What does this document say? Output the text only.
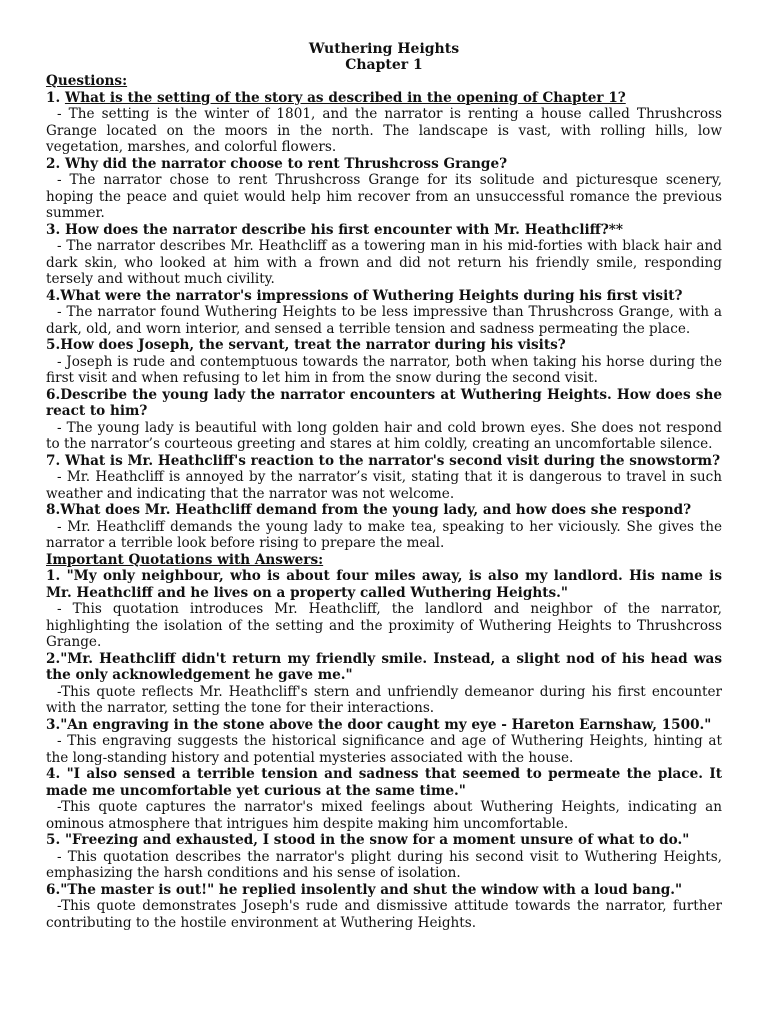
Wuthering Heights
Chapter 1
Questions:
1. What is the setting of the story as described in the opening of Chapter 1?
- The setting is the winter of 1801, and the narrator is renting a house called Thrushcross Grange located on the moors in the north. The landscape is vast, with rolling hills, low vegetation, marshes, and colorful flowers.
2. Why did the narrator choose to rent Thrushcross Grange?
- The narrator chose to rent Thrushcross Grange for its solitude and picturesque scenery, hoping the peace and quiet would help him recover from an unsuccessful romance the previous summer.
3. How does the narrator describe his first encounter with Mr. Heathcliff?**
- The narrator describes Mr. Heathcliff as a towering man in his mid-forties with black hair and dark skin, who looked at him with a frown and did not return his friendly smile, responding tersely and without much civility.
4.What were the narrator's impressions of Wuthering Heights during his first visit?
- The narrator found Wuthering Heights to be less impressive than Thrushcross Grange, with a dark, old, and worn interior, and sensed a terrible tension and sadness permeating the place.
5.How does Joseph, the servant, treat the narrator during his visits?
- Joseph is rude and contemptuous towards the narrator, both when taking his horse during the first visit and when refusing to let him in from the snow during the second visit.
6.Describe the young lady the narrator encounters at Wuthering Heights. How does she react to him?
- The young lady is beautiful with long golden hair and cold brown eyes. She does not respond to the narrator’s courteous greeting and stares at him coldly, creating an uncomfortable silence.
7. What is Mr. Heathcliff's reaction to the narrator's second visit during the snowstorm?
- Mr. Heathcliff is annoyed by the narrator’s visit, stating that it is dangerous to travel in such weather and indicating that the narrator was not welcome.
8.What does Mr. Heathcliff demand from the young lady, and how does she respond?
- Mr. Heathcliff demands the young lady to make tea, speaking to her viciously. She gives the narrator a terrible look before rising to prepare the meal.
Important Quotations with Answers:
1. "My only neighbour, who is about four miles away, is also my landlord. His name is Mr. Heathcliff and he lives on a property called Wuthering Heights."
- This quotation introduces Mr. Heathcliff, the landlord and neighbor of the narrator, highlighting the isolation of the setting and the proximity of Wuthering Heights to Thrushcross Grange.
2."Mr. Heathcliff didn't return my friendly smile. Instead, a slight nod of his head was the only acknowledgement he gave me."
-This quote reflects Mr. Heathcliff's stern and unfriendly demeanor during his first encounter with the narrator, setting the tone for their interactions.
3."An engraving in the stone above the door caught my eye - Hareton Earnshaw, 1500."
- This engraving suggests the historical significance and age of Wuthering Heights, hinting at the long-standing history and potential mysteries associated with the house.
4. "I also sensed a terrible tension and sadness that seemed to permeate the place. It made me uncomfortable yet curious at the same time."
-This quote captures the narrator's mixed feelings about Wuthering Heights, indicating an ominous atmosphere that intrigues him despite making him uncomfortable.
5. "Freezing and exhausted, I stood in the snow for a moment unsure of what to do."
- This quotation describes the narrator's plight during his second visit to Wuthering Heights, emphasizing the harsh conditions and his sense of isolation.
6."The master is out!" he replied insolently and shut the window with a loud bang."
-This quote demonstrates Joseph's rude and dismissive attitude towards the narrator, further contributing to the hostile environment at Wuthering Heights.
